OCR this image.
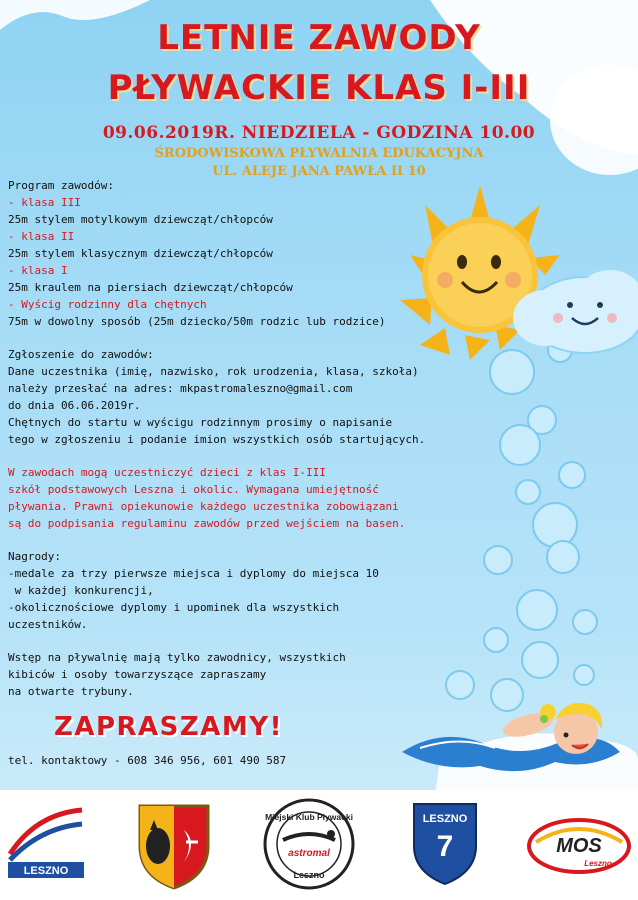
LETNIE ZAWODY
PŁYWACKIE KLAS I-III

09.06.2019R. NIEDZIELA - GODZINA 10.00

ŚRODOWISKOWA PŁYWALNIA EDUKACYJNA

UL. ALEJE JANA PAWŁA II 10

Program zawodów:
- klasa III
25m stylem motylkowym dziewcząt/chłopców
- klasa II
25m stylem klasycznym dziewcząt/chłopców
- klasa I
25m kraulem na piersiach dziewcząt/chłopców
- Wyścig rodzinny dla chętnych
75m w dowolny sposób (25m dziecko/50m rodzic lub rodzice)
Zgłoszenie do zawodów:
Dane uczestnika (imię, nazwisko, rok urodzenia, klasa, szkoła)
należy przesłać na adres: mkpastromaleszno@gmail.com
do dnia 06.06.2019r.
Chętnych do startu w wyścigu rodzinnym prosimy o napisanie
tego w zgłoszeniu i podanie imion wszystkich osób startujących.
W zawodach mogą uczestniczyć dzieci z klas I-III
szkół podstawowych Leszna i okolic. Wymagana umiejętność
pływania. Prawni opiekunowie każdego uczestnika zobowiązani
są do podpisania regulaminu zawodów przed wejściem na basen.
Nagrody:
-medale za trzy pierwsze miejsca i dyplomy do miejsca 10
w każdej konkurencji,
-okolicznościowe dyplomy i upominek dla wszystkich
uczestników.
Wstęp na pływalnię mają tylko zawodnicy, wszystkich
kibiców i osoby towarzyszące zapraszamy
na otwarte trybuny.
ZAPRASZAMY!
tel. kontaktowy - 608 346 956, 601 490 587
LESZNO
Miejski Klub Pływacki
astromal
Leszno
LESZNO
7	MOS
Leszno
